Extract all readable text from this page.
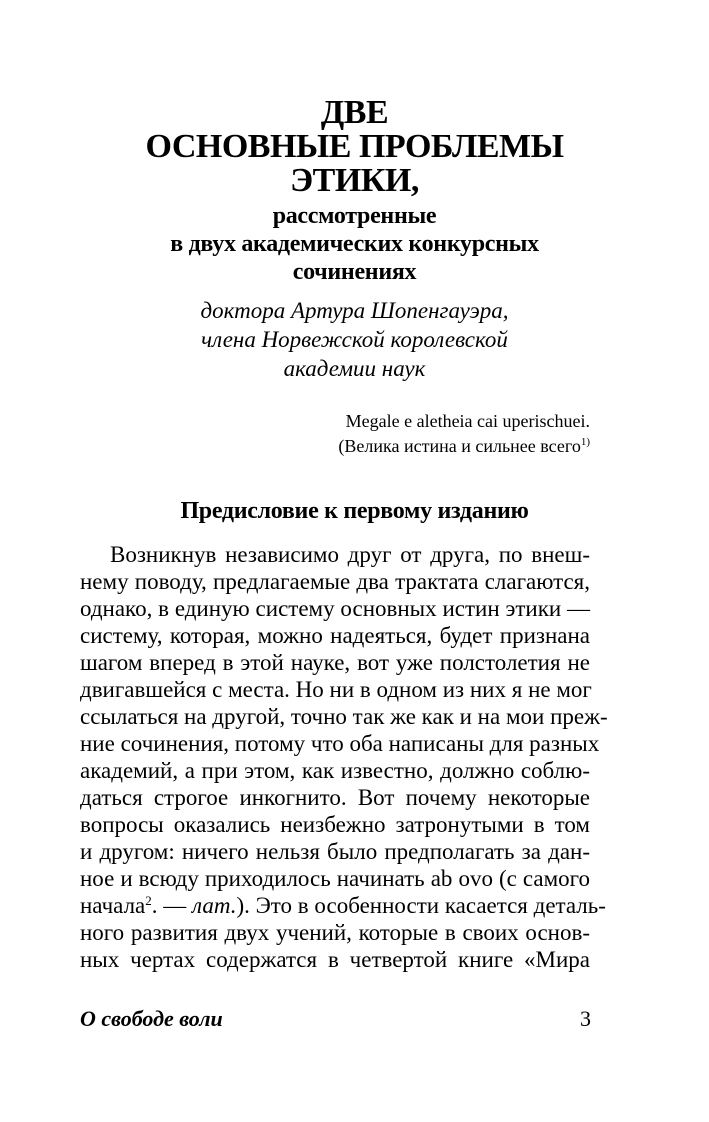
ДВЕ
ОСНОВНЫЕ ПРОБЛЕМЫ
ЭТИКИ,
рассмотренные
в двух академических конкурсных
сочинениях
доктора Артура Шопенгауэра,
члена Норвежской королевской
академии наук
Megale e aletheia cai uperischuei.
(Велика истина и сильнее всего$^{1)}$
Предисловие к первому изданию
Возникнув независимо друг от друга, по внеш-
нему поводу, предлагаемые два трактата слагаются,
однако, в единую систему основных истин этики —
систему, которая, можно надеяться, будет признана
шагом вперед в этой науке, вот уже полстолетия не
двигавшейся с места. Но ни в одном из них я не мог
ссылаться на другой, точно так же как и на мои преж-
ние сочинения, потому что оба написаны для разных
академий, а при этом, как известно, должно соблю-
даться строгое инкогнито. Вот почему некоторые
вопросы оказались неизбежно затронутыми в том
и другом: ничего нельзя было предполагать за дан-
ное и всюду приходилось начинать ab ovo (с самого
начала$^2$. — лат.). Это в особенности касается деталь-
ного развития двух учений, которые в своих основ-
ных чертах содержатся в четвертой книге «Мира
О свободе воли	3
